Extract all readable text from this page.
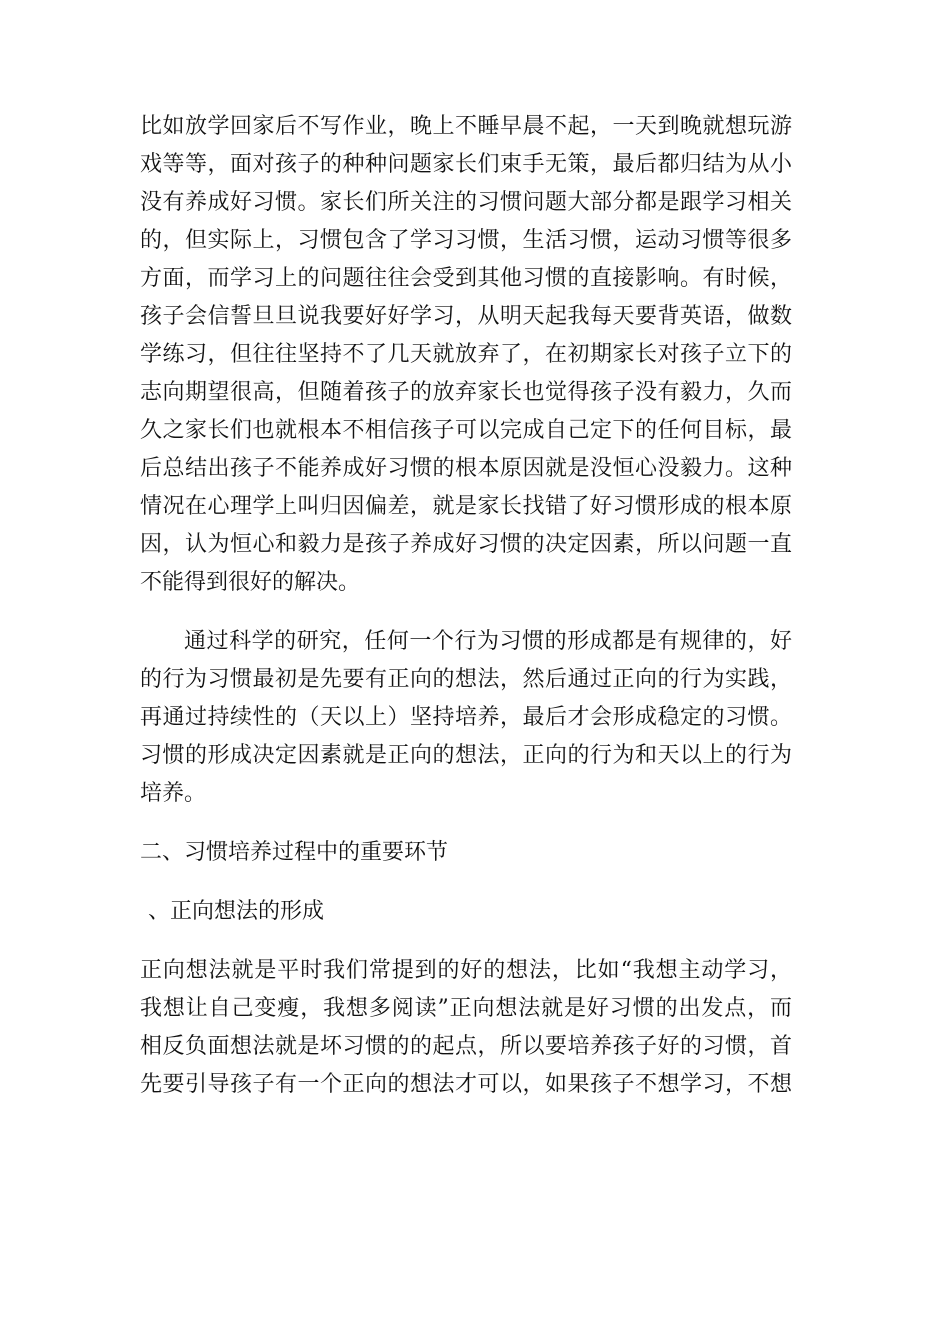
比如放学回家后不写作业，晚上不睡早晨不起，一天到晚就想玩游
戏等等，面对孩子的种种问题家长们束手无策，最后都归结为从小
没有养成好习惯。家长们所关注的习惯问题大部分都是跟学习相关
的，但实际上，习惯包含了学习习惯，生活习惯，运动习惯等很多
方面，而学习上的问题往往会受到其他习惯的直接影响。有时候，
孩子会信誓旦旦说我要好好学习，从明天起我每天要背英语，做数
学练习，但往往坚持不了几天就放弃了，在初期家长对孩子立下的
志向期望很高，但随着孩子的放弃家长也觉得孩子没有毅力，久而
久之家长们也就根本不相信孩子可以完成自己定下的任何目标，最
后总结出孩子不能养成好习惯的根本原因就是没恒心没毅力。这种
情况在心理学上叫归因偏差，就是家长找错了好习惯形成的根本原
因，认为恒心和毅力是孩子养成好习惯的决定因素，所以问题一直
不能得到很好的解决。
通过科学的研究，任何一个行为习惯的形成都是有规律的，好
的行为习惯最初是先要有正向的想法，然后通过正向的行为实践，
再通过持续性的（天以上）坚持培养，最后才会形成稳定的习惯。
习惯的形成决定因素就是正向的想法，正向的行为和天以上的行为
培养。
二、习惯培养过程中的重要环节
、正向想法的形成
正向想法就是平时我们常提到的好的想法，比如“我想主动学习，
我想让自己变瘦，我想多阅读”正向想法就是好习惯的出发点，而
相反负面想法就是坏习惯的的起点，所以要培养孩子好的习惯，首
先要引导孩子有一个正向的想法才可以，如果孩子不想学习，不想
